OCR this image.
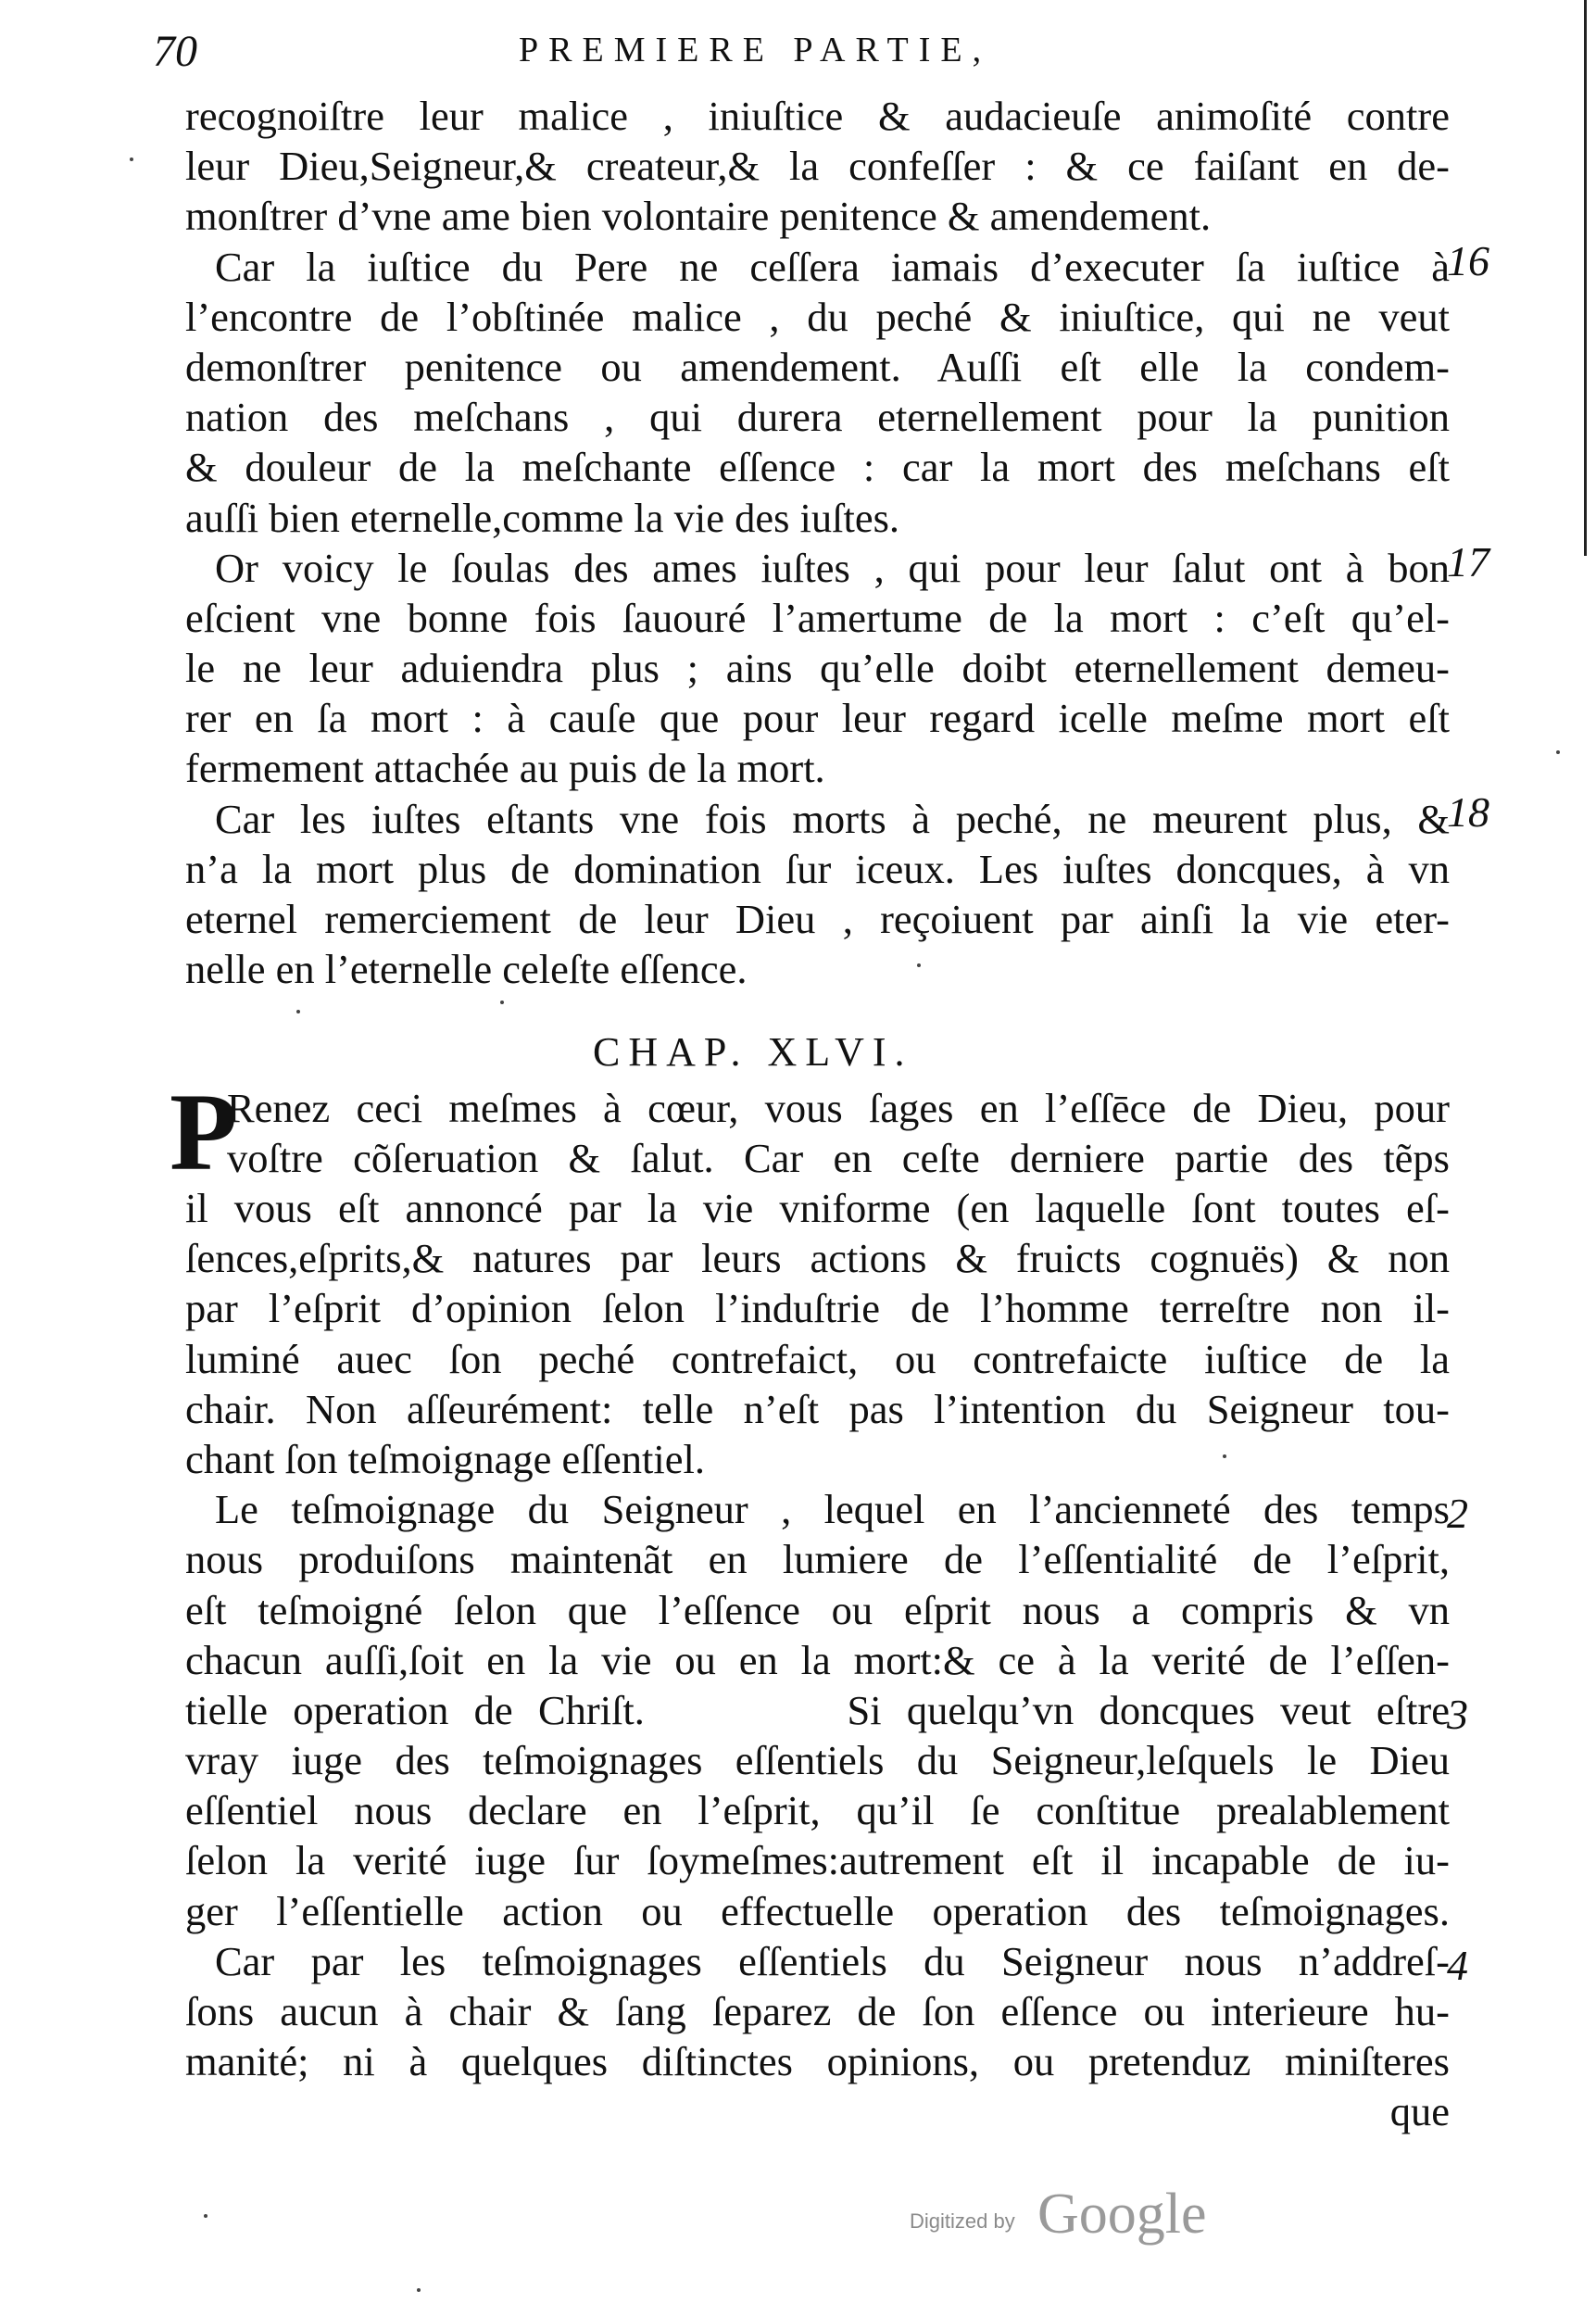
70	PREMIERE PARTIE,
recognoiſtre leur malice , iniuſtice & audacieuſe animoſité contre
leur Dieu,Seigneur,& createur,& la confeſſer : & ce faiſant en de-
monſtrer d’vne ame bien volontaire penitence & amendement.
Car la iuſtice du Pere ne ceſſera iamais d’executer ſa iuſtice à
l’encontre de l’obſtinée malice , du peché & iniuſtice, qui ne veut
demonſtrer penitence ou amendement. Auſſi eſt elle la condem-
nation des meſchans , qui durera eternellement pour la punition
& douleur de la meſchante eſſence : car la mort des meſchans eſt
auſſi bien eternelle,comme la vie des iuſtes.
Or voicy le ſoulas des ames iuſtes , qui pour leur ſalut ont à bon
eſcient vne bonne fois ſauouré l’amertume de la mort : c’eſt qu’el-
le ne leur aduiendra plus ; ains qu’elle doibt eternellement demeu-
rer en ſa mort : à cauſe que pour leur regard icelle meſme mort eſt
fermement attachée au puis de la mort.
Car les iuſtes eſtants vne fois morts à peché, ne meurent plus, &
n’a la mort plus de domination ſur iceux. Les iuſtes doncques, à vn
eternel remerciement de leur Dieu , reçoiuent par ainſi la vie eter-
nelle en l’eternelle celeſte eſſence.
16
17
18
2
3
4
CHAP. XLVI.
P
Renez ceci meſmes à cœur, vous ſages en l’eſſēce de Dieu, pour
voſtre cõſeruation & ſalut. Car en ceſte derniere partie des tẽps
il vous eſt annoncé par la vie vniforme (en laquelle ſont toutes eſ-
ſences,eſprits,& natures par leurs actions & fruicts cognuës) & non
par l’eſprit d’opinion ſelon l’induſtrie de l’homme terreſtre non il-
luminé auec ſon peché contrefaict, ou contrefaicte iuſtice de la
chair. Non aſſeurément: telle n’eſt pas l’intention du Seigneur tou-
chant ſon teſmoignage eſſentiel.
Le teſmoignage du Seigneur , lequel en l’ancienneté des temps
nous produiſons maintenãt en lumiere de l’eſſentialité de l’eſprit,
eſt teſmoigné ſelon que l’eſſence ou eſprit nous a compris & vn
chacun auſſi,ſoit en la vie ou en la mort:& ce à la verité de l’eſſen-
tielle operation de Chriſt.        Si quelqu’vn doncques veut eſtre
vray iuge des teſmoignages eſſentiels du Seigneur,leſquels le Dieu
eſſentiel nous declare en l’eſprit, qu’il ſe conſtitue prealablement
ſelon la verité iuge ſur ſoymeſmes:autrement eſt il incapable de iu-
ger l’eſſentielle action ou effectuelle operation des teſmoignages.
Car par les teſmoignages eſſentiels du Seigneur nous n’addreſ-
ſons aucun à chair & ſang ſeparez de ſon eſſence ou interieure hu-
manité; ni à quelques diſtinctes opinions, ou pretenduz miniſteres
que
Digitized by Google
